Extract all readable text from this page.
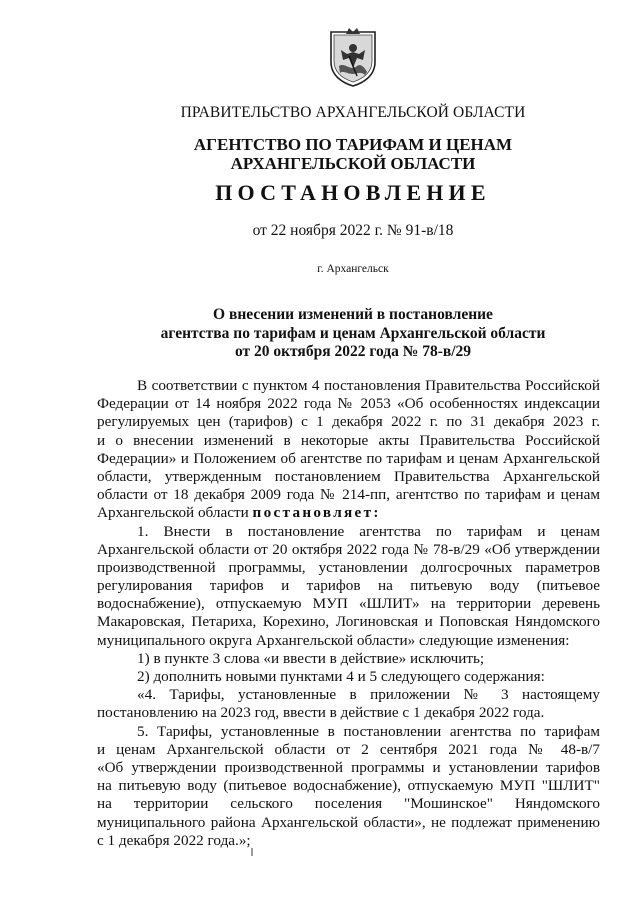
ПРАВИТЕЛЬСТВО АРХАНГЕЛЬСКОЙ ОБЛАСТИ
АГЕНТСТВО ПО ТАРИФАМ И ЦЕНАМ
АРХАНГЕЛЬСКОЙ ОБЛАСТИ
ПОСТАНОВЛЕНИЕ
от 22 ноября 2022 г. № 91-в/18
г. Архангельск
О внесении изменений в постановление
агентства по тарифам и ценам Архангельской области
от 20 октября 2022 года № 78-в/29
В соответствии с пунктом 4 постановления Правительства Российской
Федерации от 14 ноября 2022 года № 2053 «Об особенностях индексации
регулируемых цен (тарифов) с 1 декабря 2022 г. по 31 декабря 2023 г.
и о внесении изменений в некоторые акты Правительства Российской
Федерации» и Положением об агентстве по тарифам и ценам Архангельской
области, утвержденным постановлением Правительства Архангельской
области от 18 декабря 2009 года № 214-пп, агентство по тарифам и ценам
Архангельской области постановляет:
1. Внести в постановление агентства по тарифам и ценам
Архангельской области от 20 октября 2022 года № 78-в/29 «Об утверждении
производственной программы, установлении долгосрочных параметров
регулирования тарифов и тарифов на питьевую воду (питьевое
водоснабжение), отпускаемую МУП «ШЛИТ» на территории деревень
Макаровская, Петариха, Корехино, Логиновская и Поповская Няндомского
муниципального округа Архангельской области» следующие изменения:
1) в пункте 3 слова «и ввести в действие» исключить;
2) дополнить новыми пунктами 4 и 5 следующего содержания:
«4. Тарифы, установленные в приложении № 3 настоящему
постановлению на 2023 год, ввести в действие с 1 декабря 2022 года.
5. Тарифы, установленные в постановлении агентства по тарифам
и ценам Архангельской области от 2 сентября 2021 года № 48-в/7
«Об утверждении производственной программы и установлении тарифов
на питьевую воду (питьевое водоснабжение), отпускаемую МУП "ШЛИТ"
на территории сельского поселения "Мошинское" Няндомского
муниципального района Архангельской области», не подлежат применению
с 1 декабря 2022 года.»;
